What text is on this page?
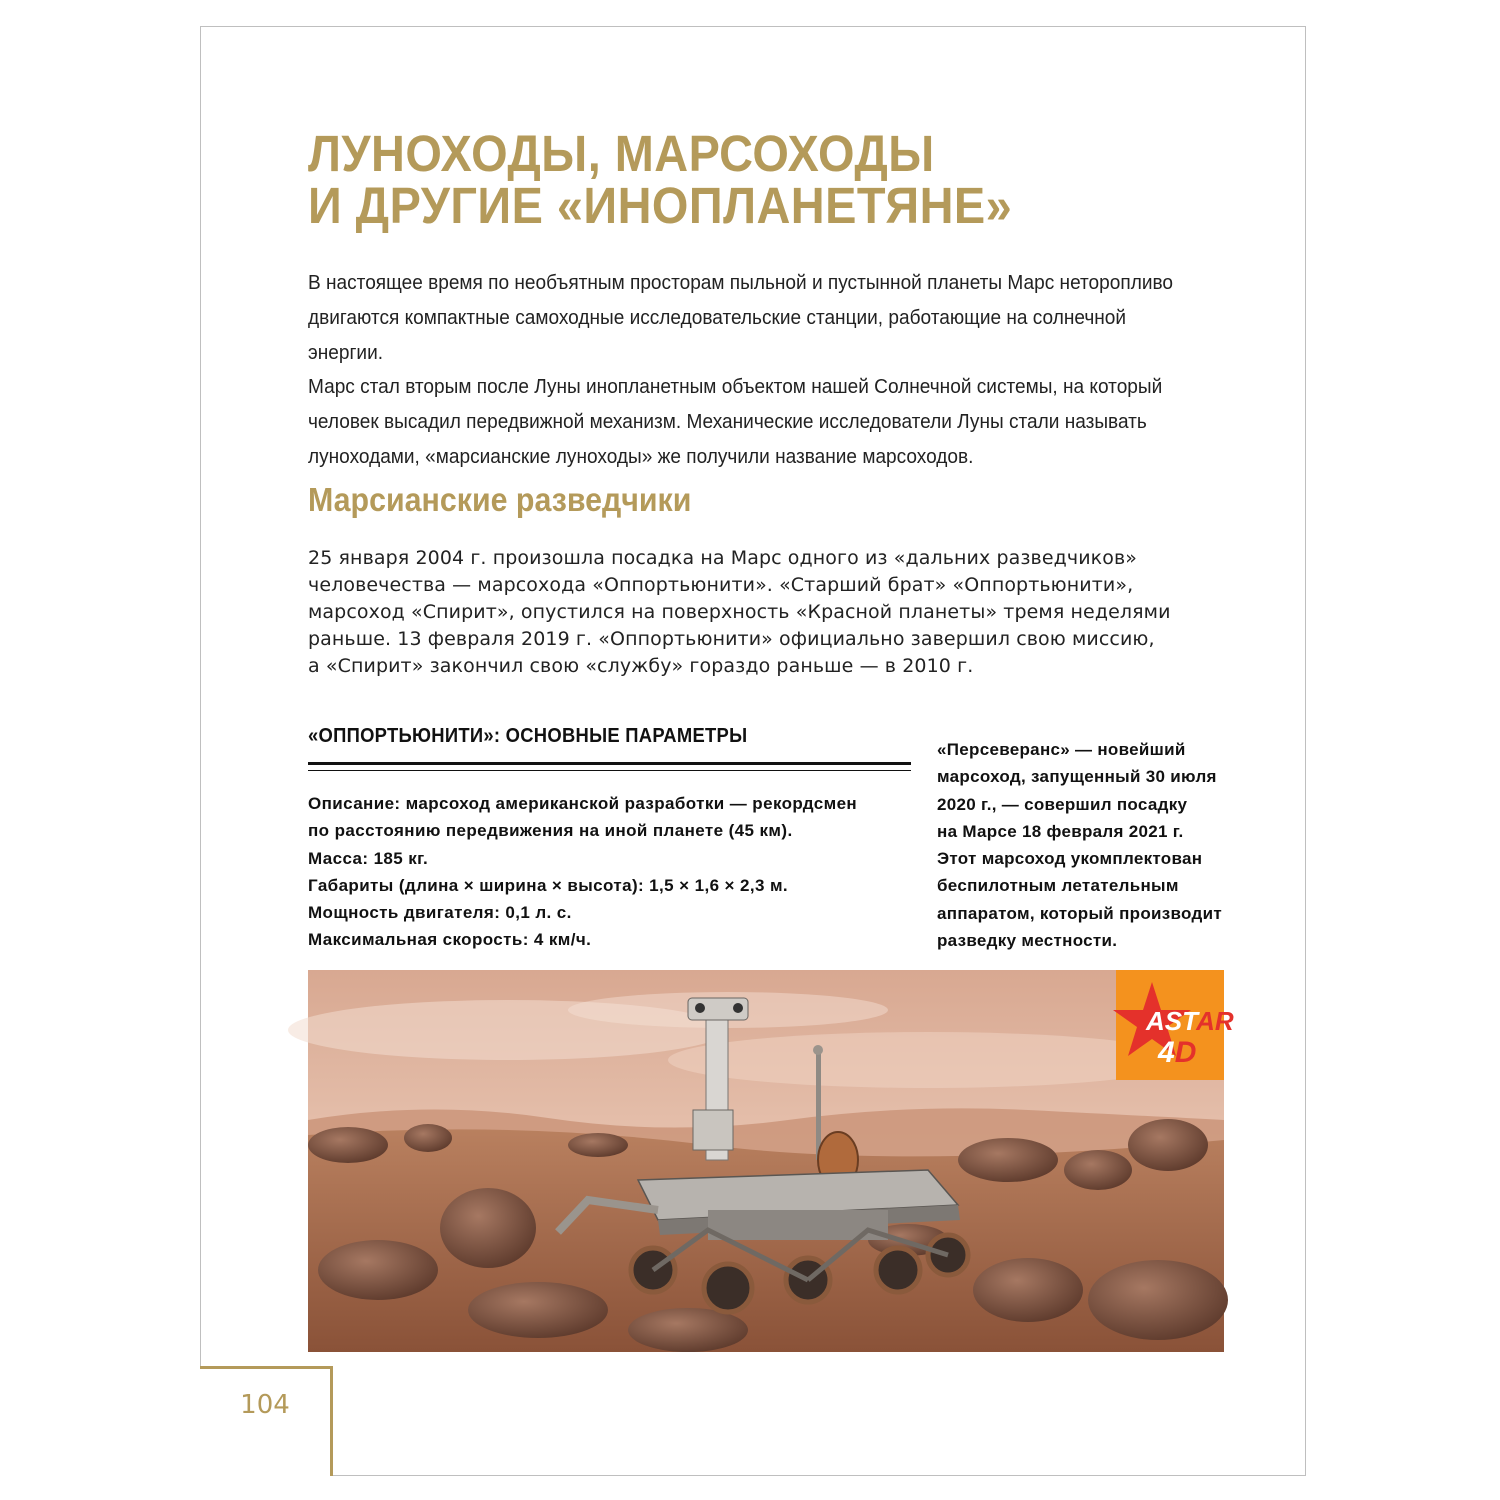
ЛУНОХОДЫ, МАРСОХОДЫ
И ДРУГИЕ «ИНОПЛАНЕТЯНЕ»
В настоящее время по необъятным просторам пыльной и пустынной планеты Марс неторопливо
двигаются компактные самоходные исследовательские станции, работающие на солнечной энергии.
Марс стал вторым после Луны инопланетным объектом нашей Солнечной системы, на который
человек высадил передвижной механизм. Механические исследователи Луны стали называть
луноходами, «марсианские луноходы» же получили название марсоходов.
Марсианские разведчики
25 января 2004 г. произошла посадка на Марс одного из «дальних разведчиков»
человечества — марсохода «Оппортьюнити». «Старший брат» «Оппортьюнити»,
марсоход «Спирит», опустился на поверхность «Красной планеты» тремя неделями
раньше. 13 февраля 2019 г. «Оппортьюнити» официально завершил свою миссию,
а «Спирит» закончил свою «службу» гораздо раньше — в 2010 г.
«ОППОРТЬЮНИТИ»: ОСНОВНЫЕ ПАРАМЕТРЫ
Описание: марсоход американской разработки — рекордсмен
по расстоянию передвижения на иной планете (45 км).
Масса: 185 кг.
Габариты (длина × ширина × высота): 1,5 × 1,6 × 2,3 м.
Мощность двигателя: 0,1 л. с.
Максимальная скорость: 4 км/ч.
«Персеверанс» — новейший
марсоход, запущенный 30 июля
2020 г., — совершил посадку
на Марсе 18 февраля 2021 г.
Этот марсоход укомплектован
беспилотным летательным
аппаратом, который производит
разведку местности.
ASTAR
4D
104
